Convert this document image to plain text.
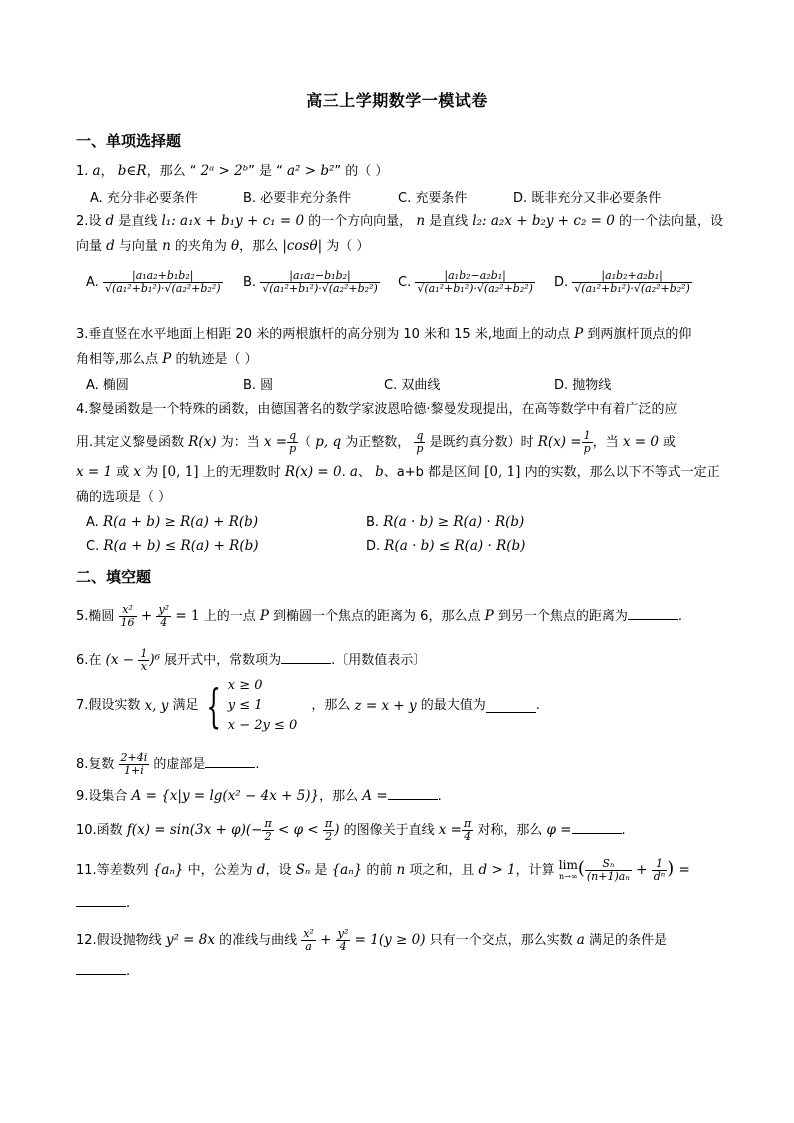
高三上学期数学一模试卷
一、单项选择题
1. a， b∈R，那么 “ 2ᵃ > 2ᵇ” 是 “ a² > b²” 的（ ）
A. 充分非必要条件	B. 必要非充分条件	C. 充要条件	D. 既非充分又非必要条件
2.设 d 是直线 l₁: a₁x + b₁y + c₁ = 0 的一个方向向量， n 是直线 l₂: a₂x + b₂y + c₂ = 0 的一个法向量，设
向量 d 与向量 n 的夹角为 θ，那么 |cosθ| 为（ ）
A. $\frac{\text{|a₁a₂+b₁b₂|}}{\text{√(a₁²+b₁²)·√(a₂²+b₂²)}} B$. $\frac{\text{|a₁a₂−b₁b₂|}}{\text{√(a₁²+b₁²)·√(a₂²+b₂²)}} C$. $\frac{\text{|a₁b₂−a₂b₁|}}{\text{√(a₁²+b₁²)·√(a₂²+b₂²)}} D$. $\frac{\text{|a₁b₂+a₂b₁|}}{\text{√(a₁²+b₁²)·√(a₂²+b₂²)}}$
3.垂直竖在水平地面上相距 20 米的两根旗杆的高分别为 10 米和 15 米,地面上的动点 P 到两旗杆顶点的仰
角相等,那么点 P 的轨迹是（ ）
A. 椭圆	B. 圆	C. 双曲线	D. 抛物线
4.黎曼函数是一个特殊的函数，由德国著名的数学家波恩哈德·黎曼发现提出，在高等数学中有着广泛的应
用.其定义黎曼函数 R(x) 为：当 $x = \frac{q}{p}$ （ p, q 为正整数， $\frac{q}{p}$ 是既约真分数）时 $R(x) = \frac{1}{p}$ ，当 x = 0 或
x = 1 或 x 为 [0, 1] 上的无理数时 R(x) = 0. a、 b、a+b 都是区间 [0, 1] 内的实数，那么以下不等式一定正
确的选项是（ ）
A. R(a + b) ≥ R(a) + R(b)	B. R(a · b) ≥ R(a) · R(b)
C. R(a + b) ≤ R(a) + R(b)	D. R(a · b) ≤ R(a) · R(b)
二、填空题
5.椭圆 $\frac{\text{x²}}{16} + \frac{\text{y²}}{4} = 1$ 上的一点 P 到椭圆一个焦点的距离为 6，那么点 P 到另一个焦点的距离为	.
6.在 $(x - \frac{1}{x} )^6$ 展开式中，常数项为	.〔用数值表示〕
7.假设实数 x, y 满足 { x ≥ 0
y ≤ 1
x − 2y ≤ 0
，那么 z = x + y 的最大值为	.
8.复数 $\frac{2+4i}{1+i}$ 的虚部是	.
9.设集合 A = {x|y = lg(x² − 4x + 5)}，那么 A =	.
10.函数 $f(x) = \sin(3x + \varphi)(- \frac{\pi}{2} < \varphi < \frac{\pi}{2}$ ) 的图像关于直线 $x = \frac{\pi}{4}$ 对称，那么 φ =	.
11.等差数列 {aₙ} 中，公差为 d，设 Sₙ 是 {aₙ} 的前 n 项之和，且 d > 1，计算 lim
n→∞ ( $\frac{\text{Sₙ}}{\text{(n+1)aₙ}} + \frac{1}{\text{dⁿ}}$ ) =
.
12.假设抛物线 y² = 8x 的准线与曲线 $\frac{\text{x²}}{a} + \frac{\text{y²}}{4} = 1(y \ge 0)$ 只有一个交点，那么实数 a 满足的条件是
.
